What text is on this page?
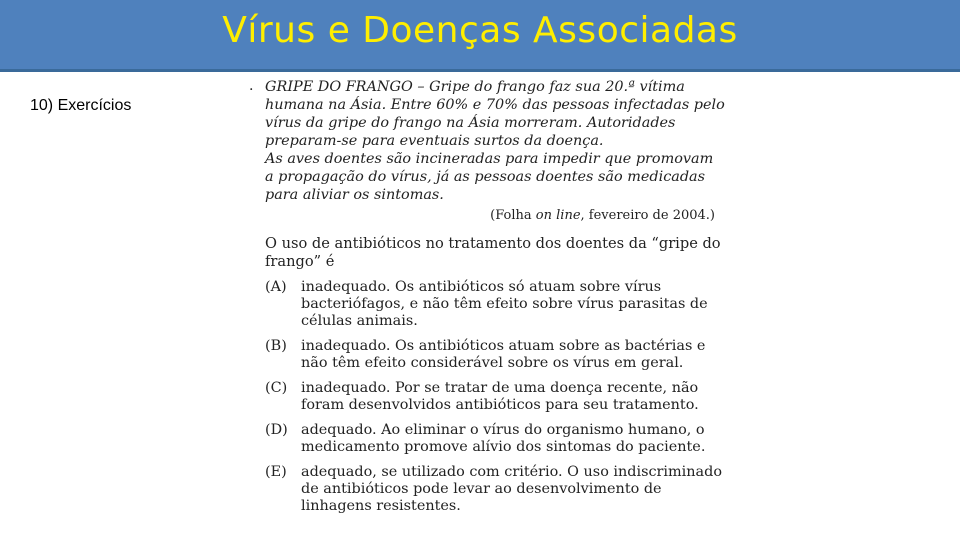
Vírus e Doenças Associadas
10) Exercícios
. GRIPE DO FRANGO – Gripe do frango faz sua 20.ª vítima humana na Ásia. Entre 60% e 70% das pessoas infectadas pelo vírus da gripe do frango na Ásia morreram. Autoridades preparam-se para eventuais surtos da doença.
As aves doentes são incineradas para impedir que promovam a propagação do vírus, já as pessoas doentes são medicadas para aliviar os sintomas.
(Folha on line, fevereiro de 2004.)
O uso de antibióticos no tratamento dos doentes da “gripe do frango” é
(A) inadequado. Os antibióticos só atuam sobre vírus bacteriófagos, e não têm efeito sobre vírus parasitas de células animais.
(B) inadequado. Os antibióticos atuam sobre as bactérias e não têm efeito considerável sobre os vírus em geral.
(C) inadequado. Por se tratar de uma doença recente, não foram desenvolvidos antibióticos para seu tratamento.
(D) adequado. Ao eliminar o vírus do organismo humano, o medicamento promove alívio dos sintomas do paciente.
(E) adequado, se utilizado com critério. O uso indiscriminado de antibióticos pode levar ao desenvolvimento de linhagens resistentes.
